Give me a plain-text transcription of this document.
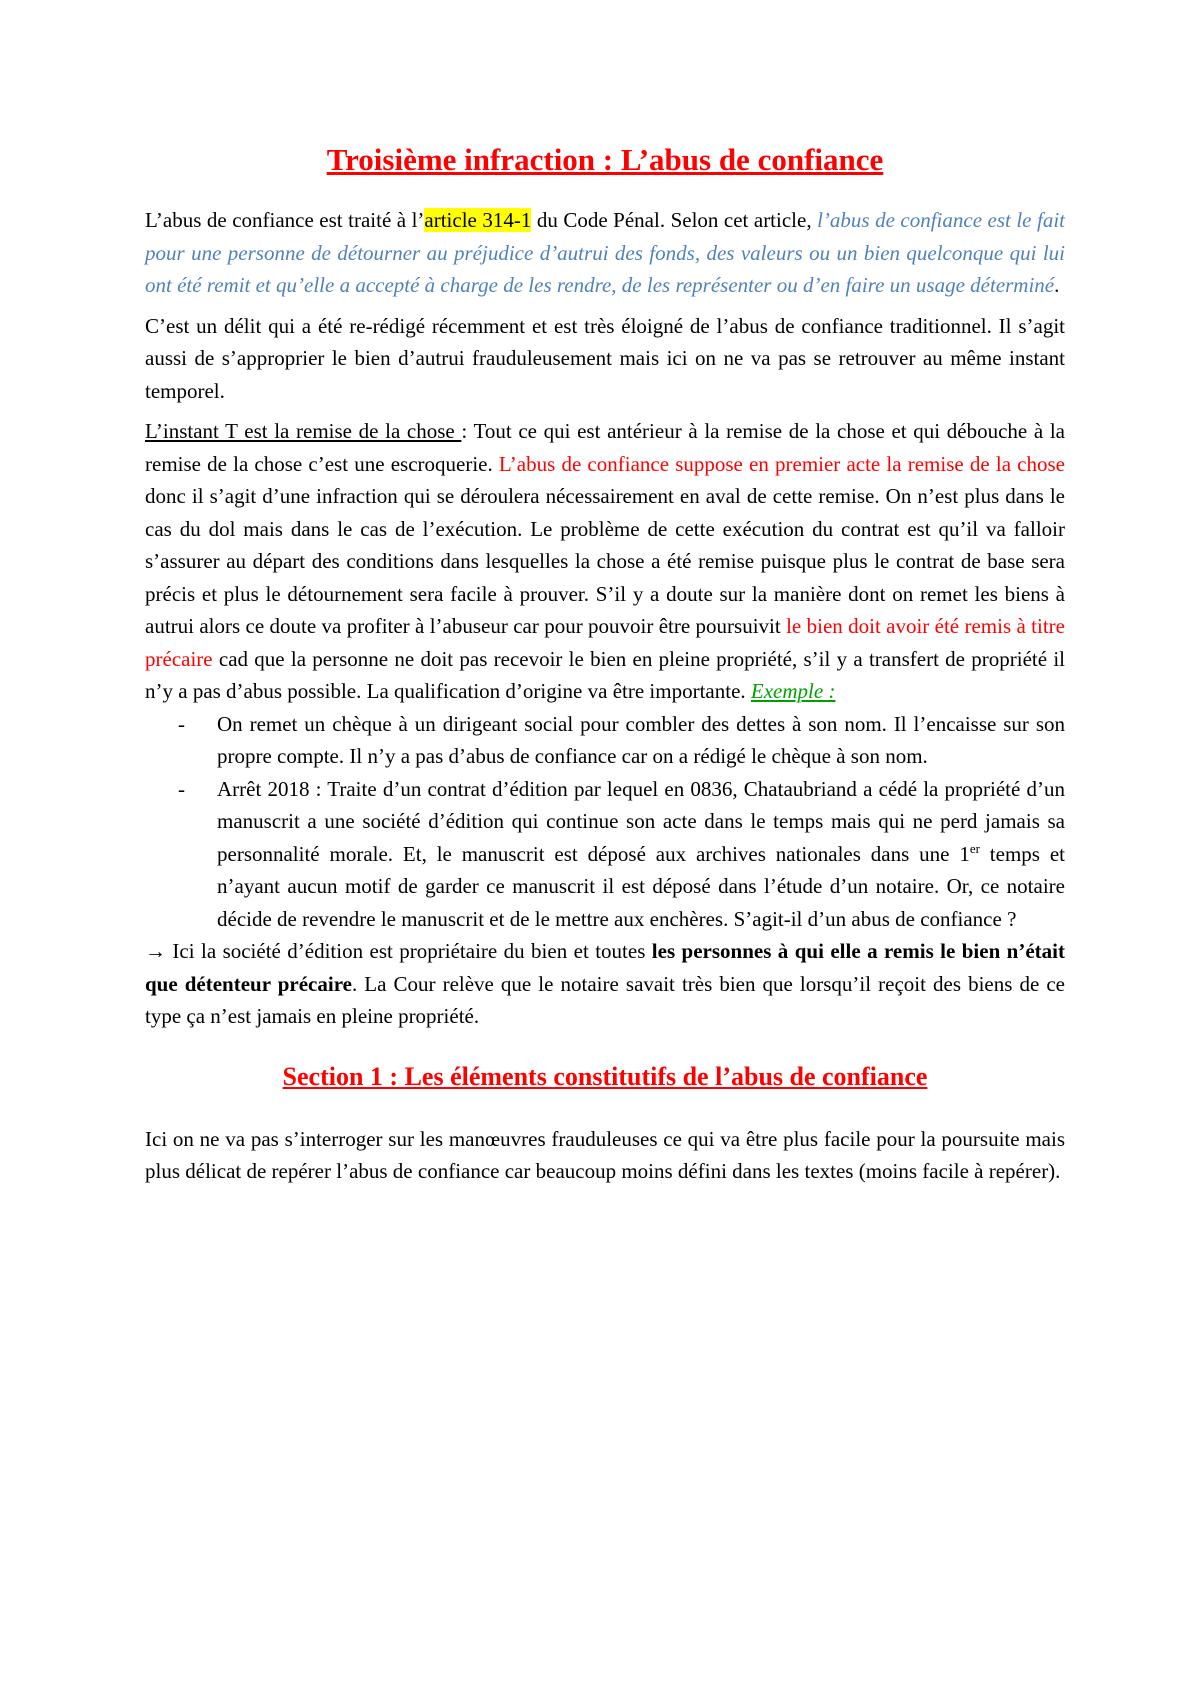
Troisième infraction : L’abus de confiance

L’abus de confiance est traité à l’article 314-1 du Code Pénal. Selon cet article, l’abus de confiance est le fait pour une personne de détourner au préjudice d’autrui des fonds, des valeurs ou un bien quelconque qui lui ont été remit et qu’elle a accepté à charge de les rendre, de les représenter ou d’en faire un usage déterminé.

C’est un délit qui a été re-rédigé récemment et est très éloigné de l’abus de confiance traditionnel. Il s’agit aussi de s’approprier le bien d’autrui frauduleusement mais ici on ne va pas se retrouver au même instant temporel.

L’instant T est la remise de la chose : Tout ce qui est antérieur à la remise de la chose et qui débouche à la remise de la chose c’est une escroquerie. L’abus de confiance suppose en premier acte la remise de la chose donc il s’agit d’une infraction qui se déroulera nécessairement en aval de cette remise. On n’est plus dans le cas du dol mais dans le cas de l’exécution. Le problème de cette exécution du contrat est qu’il va falloir s’assurer au départ des conditions dans lesquelles la chose a été remise puisque plus le contrat de base sera précis et plus le détournement sera facile à prouver. S’il y a doute sur la manière dont on remet les biens à autrui alors ce doute va profiter à l’abuseur car pour pouvoir être poursuivit le bien doit avoir été remis à titre précaire cad que la personne ne doit pas recevoir le bien en pleine propriété, s’il y a transfert de propriété il n’y a pas d’abus possible. La qualification d’origine va être importante. Exemple :

- On remet un chèque à un dirigeant social pour combler des dettes à son nom. Il l’encaisse sur son propre compte. Il n’y a pas d’abus de confiance car on a rédigé le chèque à son nom.
- Arrêt 2018 : Traite d’un contrat d’édition par lequel en 0836, Chataubriand a cédé la propriété d’un manuscrit a une société d’édition qui continue son acte dans le temps mais qui ne perd jamais sa personnalité morale. Et, le manuscrit est déposé aux archives nationales dans une 1er temps et n’ayant aucun motif de garder ce manuscrit il est déposé dans l’étude d’un notaire. Or, ce notaire décide de revendre le manuscrit et de le mettre aux enchères. S’agit-il d’un abus de confiance ?

→ Ici la société d’édition est propriétaire du bien et toutes les personnes à qui elle a remis le bien n’était que détenteur précaire. La Cour relève que le notaire savait très bien que lorsqu’il reçoit des biens de ce type ça n’est jamais en pleine propriété.

Section 1 : Les éléments constitutifs de l’abus de confiance

Ici on ne va pas s’interroger sur les manœuvres frauduleuses ce qui va être plus facile pour la poursuite mais plus délicat de repérer l’abus de confiance car beaucoup moins défini dans les textes (moins facile à repérer).
